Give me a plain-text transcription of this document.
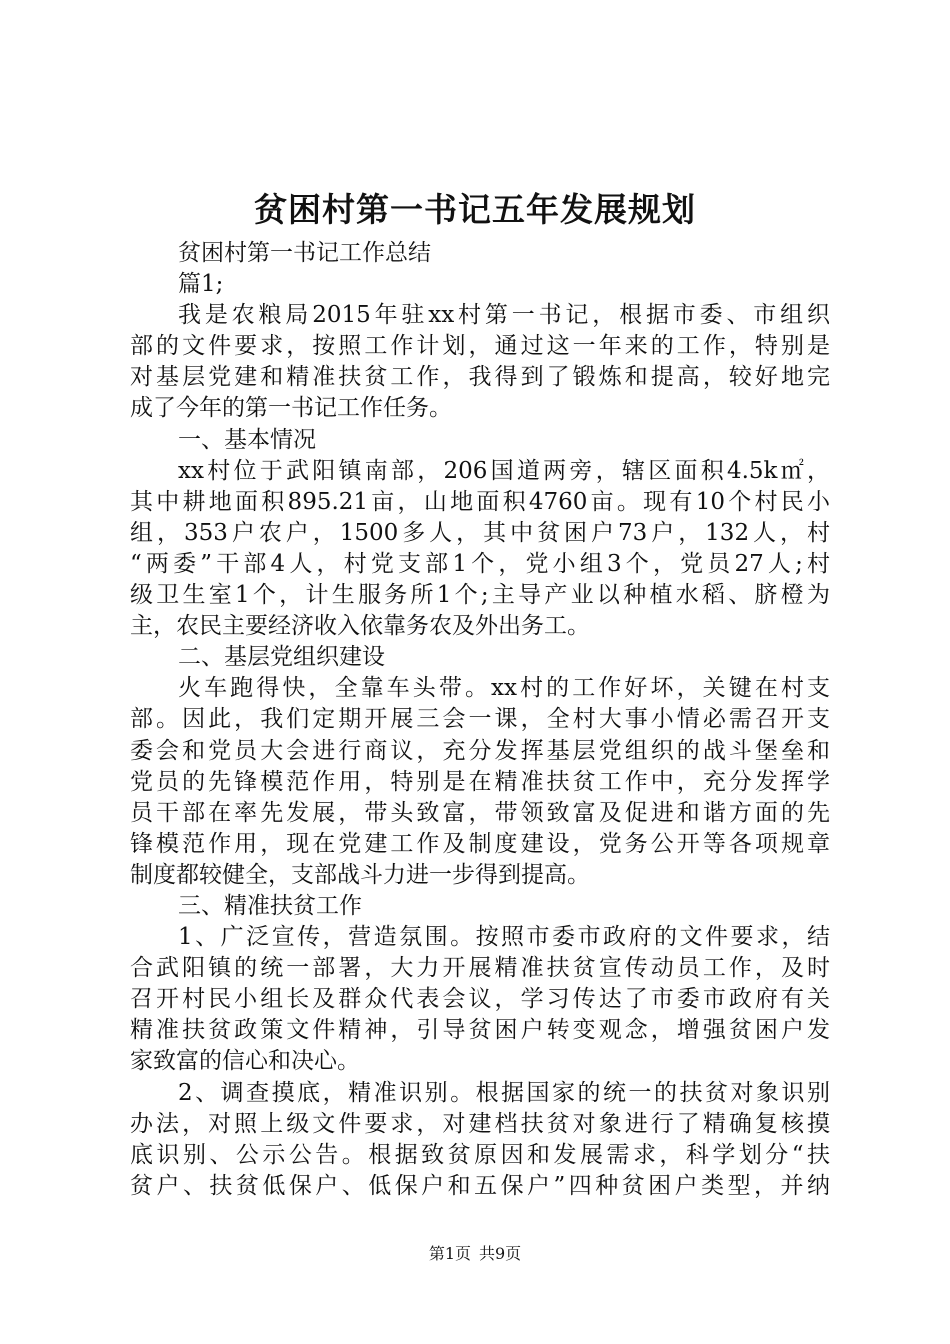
贫困村第一书记五年发展规划
贫困村第一书记工作总结
篇1;
我是农粮局2015年驻xx村第一书记，根据市委、市组织
部的文件要求，按照工作计划，通过这一年来的工作，特别是
对基层党建和精准扶贫工作，我得到了锻炼和提高，较好地完
成了今年的第一书记工作任务。
一、基本情况
xx村位于武阳镇南部，206国道两旁，辖区面积4.5k㎡，
其中耕地面积895.21亩，山地面积4760亩。现有10个村民小
组，353户农户，1500多人，其中贫困户73户，132人，村
“两委”干部4人，村党支部1个，党小组3个，党员27人;村
级卫生室1个，计生服务所1个;主导产业以种植水稻、脐橙为
主，农民主要经济收入依靠务农及外出务工。
二、基层党组织建设
火车跑得快，全靠车头带。xx村的工作好坏，关键在村支
部。因此，我们定期开展三会一课，全村大事小情必需召开支
委会和党员大会进行商议，充分发挥基层党组织的战斗堡垒和
党员的先锋模范作用，特别是在精准扶贫工作中，充分发挥学
员干部在率先发展，带头致富，带领致富及促进和谐方面的先
锋模范作用，现在党建工作及制度建设，党务公开等各项规章
制度都较健全，支部战斗力进一步得到提高。
三、精准扶贫工作
1、广泛宣传，营造氛围。按照市委市政府的文件要求，结
合武阳镇的统一部署，大力开展精准扶贫宣传动员工作，及时
召开村民小组长及群众代表会议，学习传达了市委市政府有关
精准扶贫政策文件精神，引导贫困户转变观念，增强贫困户发
家致富的信心和决心。
2、调查摸底，精准识别。根据国家的统一的扶贫对象识别
办法，对照上级文件要求，对建档扶贫对象进行了精确复核摸
底识别、公示公告。根据致贫原因和发展需求，科学划分“扶
贫户、扶贫低保户、低保户和五保户”四种贫困户类型，并纳
第1页 共9页
